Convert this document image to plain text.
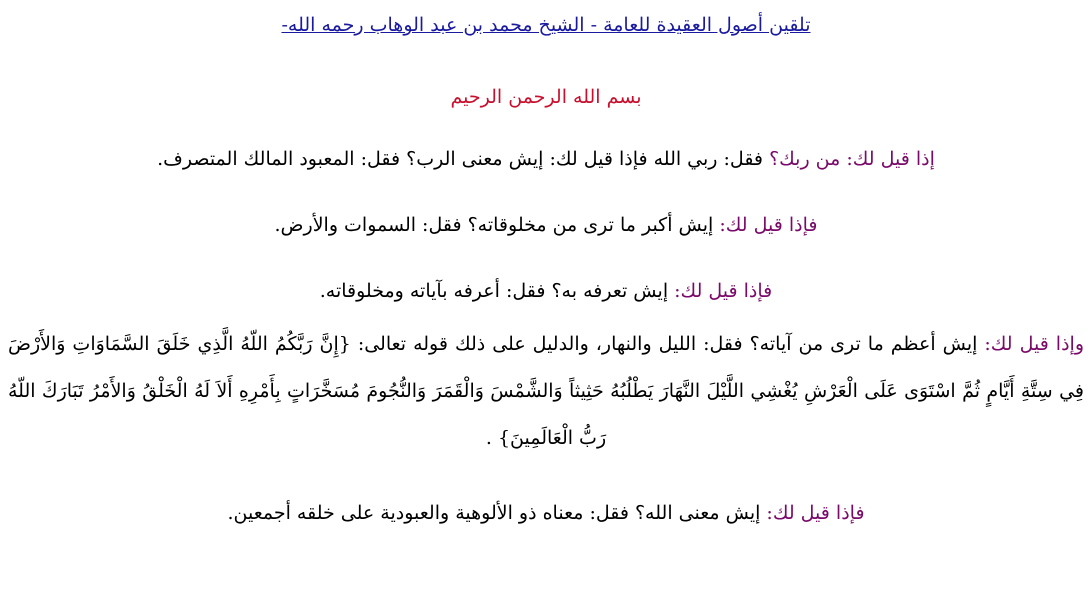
تلقين أصول العقيدة للعامة - الشيخ محمد بن عبد الوهاب رحمه الله-

بسم الله الرحمن الرحيم

إذا قيل لك: من ربك؟ فقل: ربي الله فإذا قيل لك: إيش معنى الرب؟ فقل: المعبود المالك المتصرف.

فإذا قيل لك: إيش أكبر ما ترى من مخلوقاته؟ فقل: السموات والأرض.

فإذا قيل لك: إيش تعرفه به؟ فقل: أعرفه بآياته ومخلوقاته.

وإذا قيل لك: إيش أعظم ما ترى من آياته؟ فقل: الليل والنهار، والدليل على ذلك قوله تعالى: {إِنَّ رَبَّكُمُ اللّهُ الَّذِي خَلَقَ السَّمَاوَاتِ وَالأَرْضَ فِي سِتَّةِ أَيَّامٍ ثُمَّ اسْتَوَى عَلَى الْعَرْشِ يُغْشِي اللَّيْلَ النَّهَارَ يَطْلُبُهُ حَثِيثاً وَالشَّمْسَ وَالْقَمَرَ وَالنُّجُومَ مُسَخَّرَاتٍ بِأَمْرِهِ أَلاَ لَهُ الْخَلْقُ وَالأَمْرُ تَبَارَكَ اللّهُ رَبُّ الْعَالَمِينَ} .

فإذا قيل لك: إيش معنى الله؟ فقل: معناه ذو الألوهية والعبودية على خلقه أجمعين.
